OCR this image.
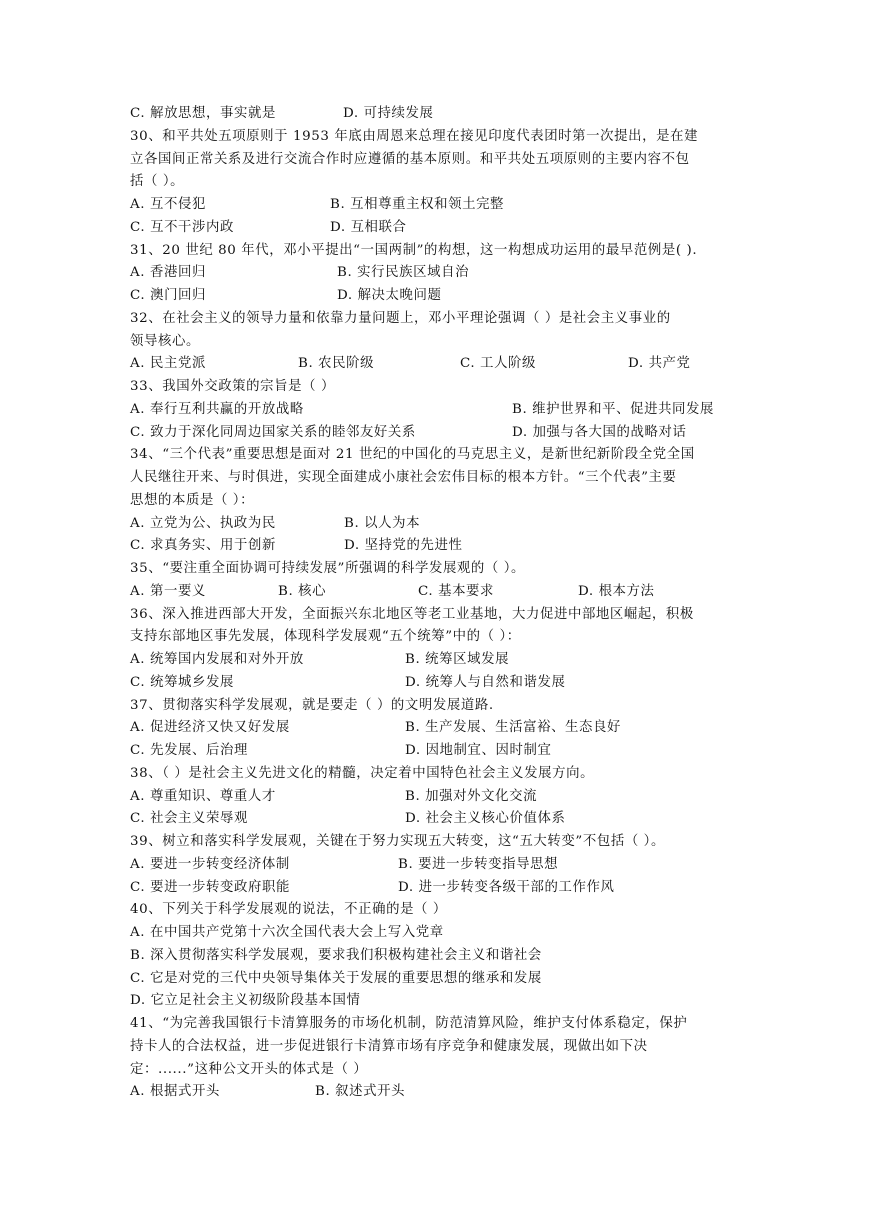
C. 解放思想，事实就是	D. 可持续发展
30、和平共处五项原则于 1953 年底由周恩来总理在接见印度代表团时第一次提出，是在建
立各国间正常关系及进行交流合作时应遵循的基本原则。和平共处五项原则的主要内容不包
括（ ）。
A. 互不侵犯	B. 互相尊重主权和领土完整
C. 互不干涉内政	D. 互相联合
31、20 世纪 80 年代，邓小平提出“一国两制”的构想，这一构想成功运用的最早范例是( ).
A. 香港回归	B. 实行民族区域自治
C. 澳门回归	D. 解决太晚问题
32、在社会主义的领导力量和依靠力量问题上，邓小平理论强调（ ）是社会主义事业的
领导核心。
A. 民主党派	B. 农民阶级	C. 工人阶级	D. 共产党
33、我国外交政策的宗旨是（ ）
A. 奉行互利共赢的开放战略	B. 维护世界和平、促进共同发展
C. 致力于深化同周边国家关系的睦邻友好关系	D. 加强与各大国的战略对话
34、“三个代表”重要思想是面对 21 世纪的中国化的马克思主义，是新世纪新阶段全党全国
人民继往开来、与时俱进，实现全面建成小康社会宏伟目标的根本方针。“三个代表”主要
思想的本质是（ ）：
A. 立党为公、执政为民	B. 以人为本
C. 求真务实、用于创新	D. 坚持党的先进性
35、“要注重全面协调可持续发展”所强调的科学发展观的（ ）。
A. 第一要义	B. 核心	C. 基本要求	D. 根本方法
36、深入推进西部大开发，全面振兴东北地区等老工业基地，大力促进中部地区崛起，积极
支持东部地区事先发展，体现科学发展观“五个统筹”中的（ ）：
A. 统筹国内发展和对外开放	B. 统筹区域发展
C. 统筹城乡发展	D. 统筹人与自然和谐发展
37、贯彻落实科学发展观，就是要走（ ）的文明发展道路.
A. 促进经济又快又好发展	B. 生产发展、生活富裕、生态良好
C. 先发展、后治理	D. 因地制宜、因时制宜
38、（ ）是社会主义先进文化的精髓，决定着中国特色社会主义发展方向。
A. 尊重知识、尊重人才	B. 加强对外文化交流
C. 社会主义荣辱观	D. 社会主义核心价值体系
39、树立和落实科学发展观，关键在于努力实现五大转变，这“五大转变”不包括（ ）。
A. 要进一步转变经济体制	B. 要进一步转变指导思想
C. 要进一步转变政府职能	D. 进一步转变各级干部的工作作风
40、下列关于科学发展观的说法，不正确的是（ ）
A. 在中国共产党第十六次全国代表大会上写入党章
B. 深入贯彻落实科学发展观，要求我们积极构建社会主义和谐社会
C. 它是对党的三代中央领导集体关于发展的重要思想的继承和发展
D. 它立足社会主义初级阶段基本国情
41、“为完善我国银行卡清算服务的市场化机制，防范清算风险，维护支付体系稳定，保护
持卡人的合法权益，进一步促进银行卡清算市场有序竞争和健康发展，现做出如下决
定：......”这种公文开头的体式是（ ）
A. 根据式开头	B. 叙述式开头
